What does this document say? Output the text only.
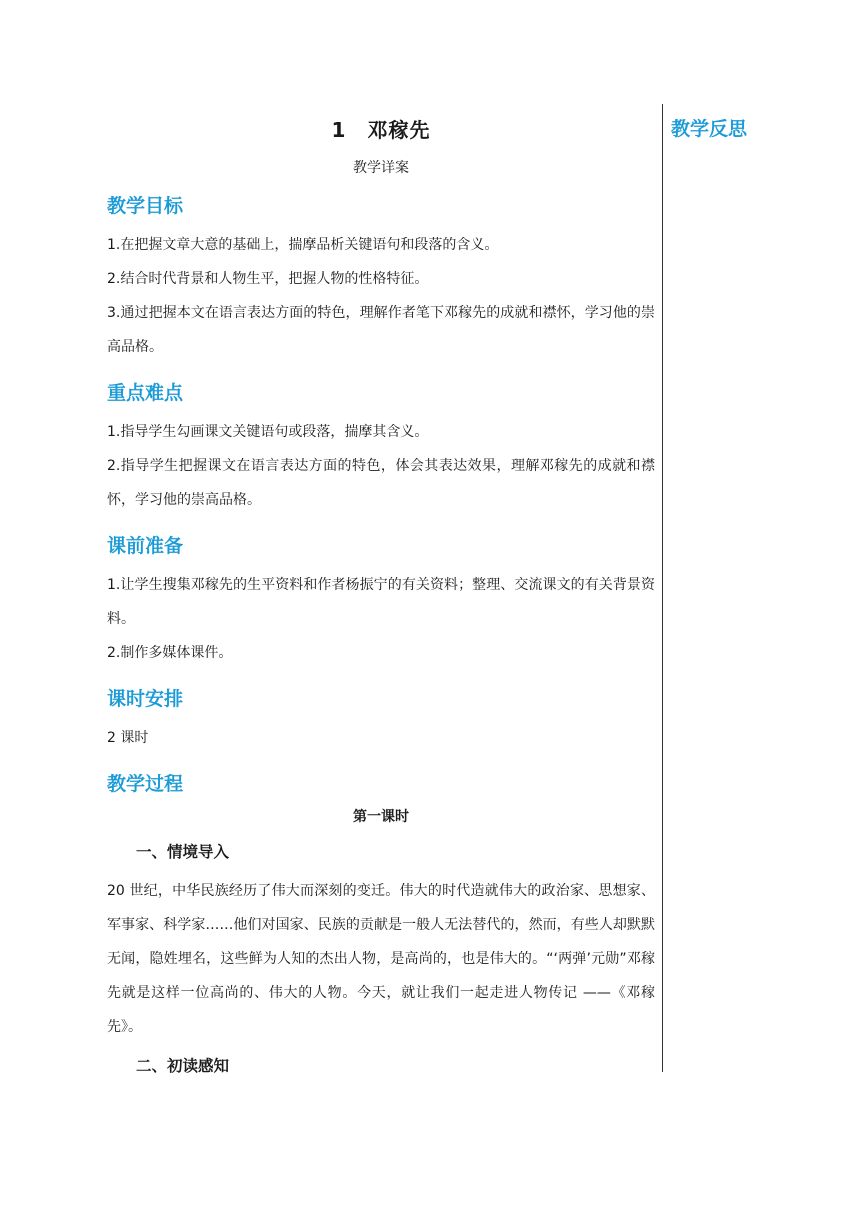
教学反思
1　邓稼先
教学详案
教学目标
1.在把握文章大意的基础上，揣摩品析关键语句和段落的含义。
2.结合时代背景和人物生平，把握人物的性格特征。
3.通过把握本文在语言表达方面的特色，理解作者笔下邓稼先的成就和襟怀，学习他的崇高品格。
重点难点
1.指导学生勾画课文关键语句或段落，揣摩其含义。
2.指导学生把握课文在语言表达方面的特色，体会其表达效果，理解邓稼先的成就和襟怀，学习他的崇高品格。
课前准备
1.让学生搜集邓稼先的生平资料和作者杨振宁的有关资料；整理、交流课文的有关背景资料。
2.制作多媒体课件。
课时安排
2 课时
教学过程
第一课时
一、情境导入
20 世纪，中华民族经历了伟大而深刻的变迁。伟大的时代造就伟大的政治家、思想家、军事家、科学家……他们对国家、民族的贡献是一般人无法替代的，然而，有些人却默默无闻，隐姓埋名，这些鲜为人知的杰出人物，是高尚的，也是伟大的。“‘两弹’元勋”邓稼先就是这样一位高尚的、伟大的人物。今天，就让我们一起走进人物传记 ——《邓稼先》。
二、初读感知
